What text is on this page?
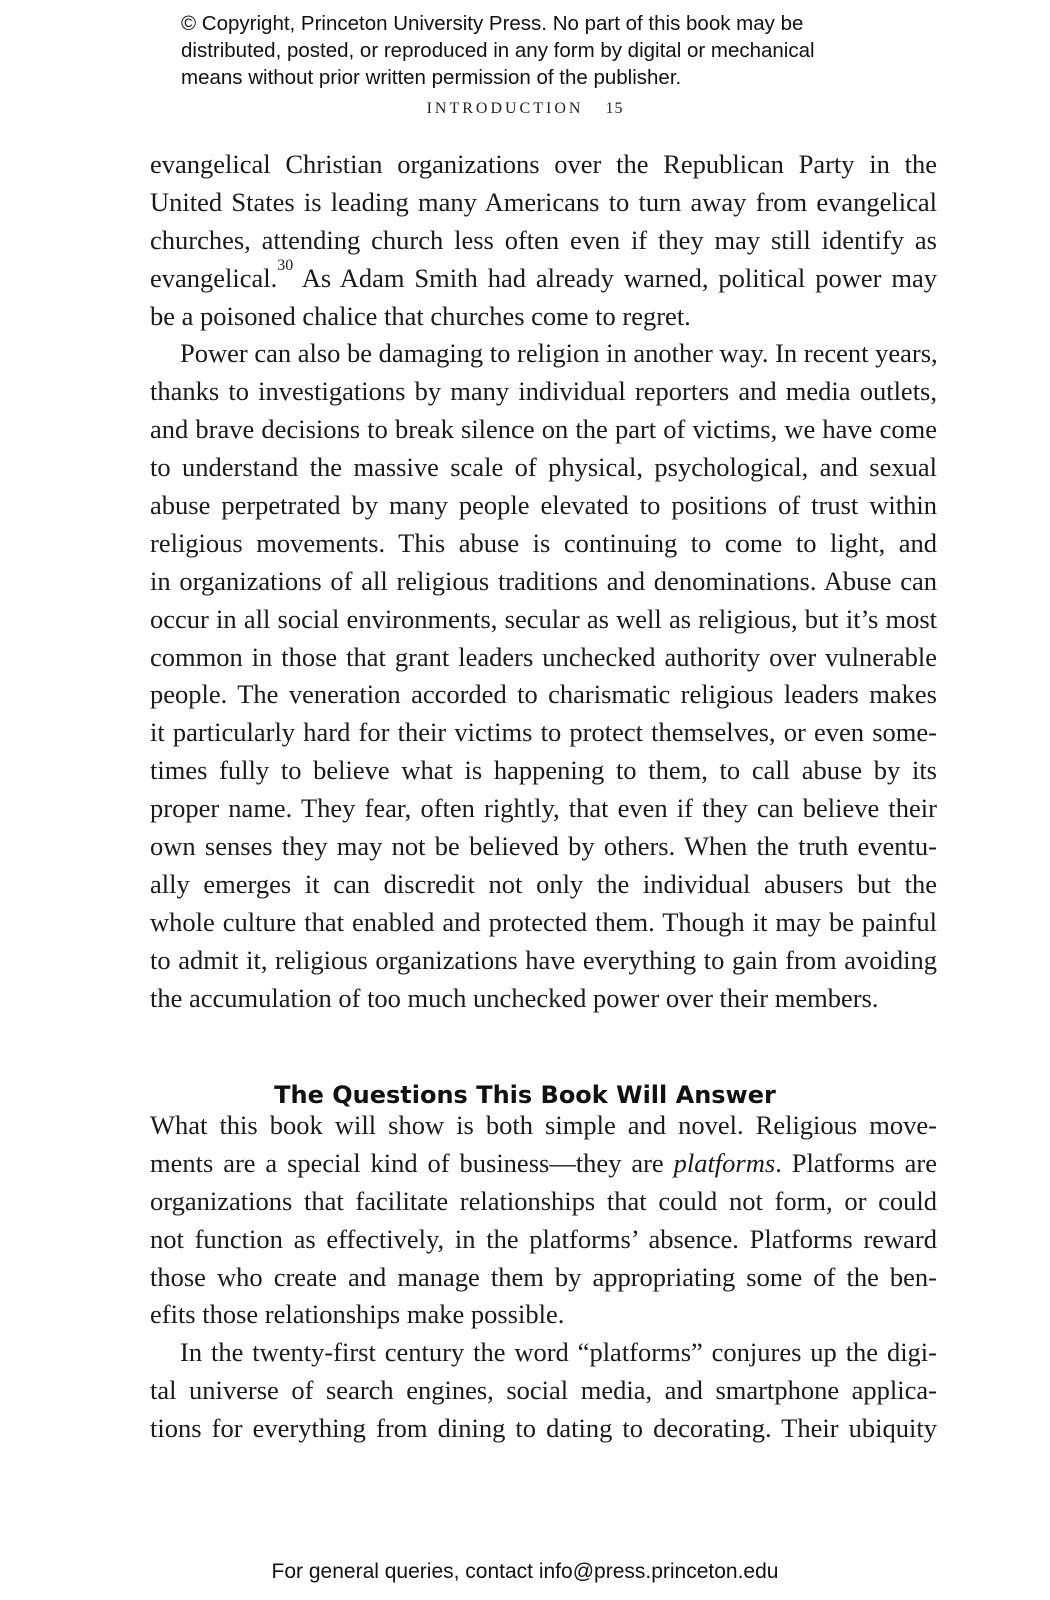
© Copyright, Princeton University Press. No part of this book may be
distributed, posted, or reproduced in any form by digital or mechanical
means without prior written permission of the publisher.
INTRODUCTION 15
evangelical Christian organizations over the Republican Party in the
United States is leading many Americans to turn away from evangelical
churches, attending church less often even if they may still identify as
evangelical.$^{30}$ As Adam Smith had already warned, political power may
be a poisoned chalice that churches come to regret.
Power can also be damaging to religion in another way. In recent years,
thanks to investigations by many individual reporters and media outlets,
and brave decisions to break silence on the part of victims, we have come
to understand the massive scale of physical, psychological, and sexual
abuse perpetrated by many people elevated to positions of trust within
religious movements. This abuse is continuing to come to light, and
in organizations of all religious traditions and denominations. Abuse can
occur in all social environments, secular as well as religious, but it’s most
common in those that grant leaders unchecked authority over vulnerable
people. The veneration accorded to charismatic religious leaders makes
it particularly hard for their victims to protect themselves, or even some-
times fully to believe what is happening to them, to call abuse by its
proper name. They fear, often rightly, that even if they can believe their
own senses they may not be believed by others. When the truth eventu-
ally emerges it can discredit not only the individual abusers but the
whole culture that enabled and protected them. Though it may be painful
to admit it, religious organizations have everything to gain from avoiding
the accumulation of too much unchecked power over their members.
The Questions This Book Will Answer
What this book will show is both simple and novel. Religious move-
ments are a special kind of business—they are platforms. Platforms are
organizations that facilitate relationships that could not form, or could
not function as effectively, in the platforms’ absence. Platforms reward
those who create and manage them by appropriating some of the ben-
efits those relationships make possible.
In the twenty-first century the word “platforms” conjures up the digi-
tal universe of search engines, social media, and smartphone applica-
tions for everything from dining to dating to decorating. Their ubiquity
For general queries, contact info@press.princeton.edu
